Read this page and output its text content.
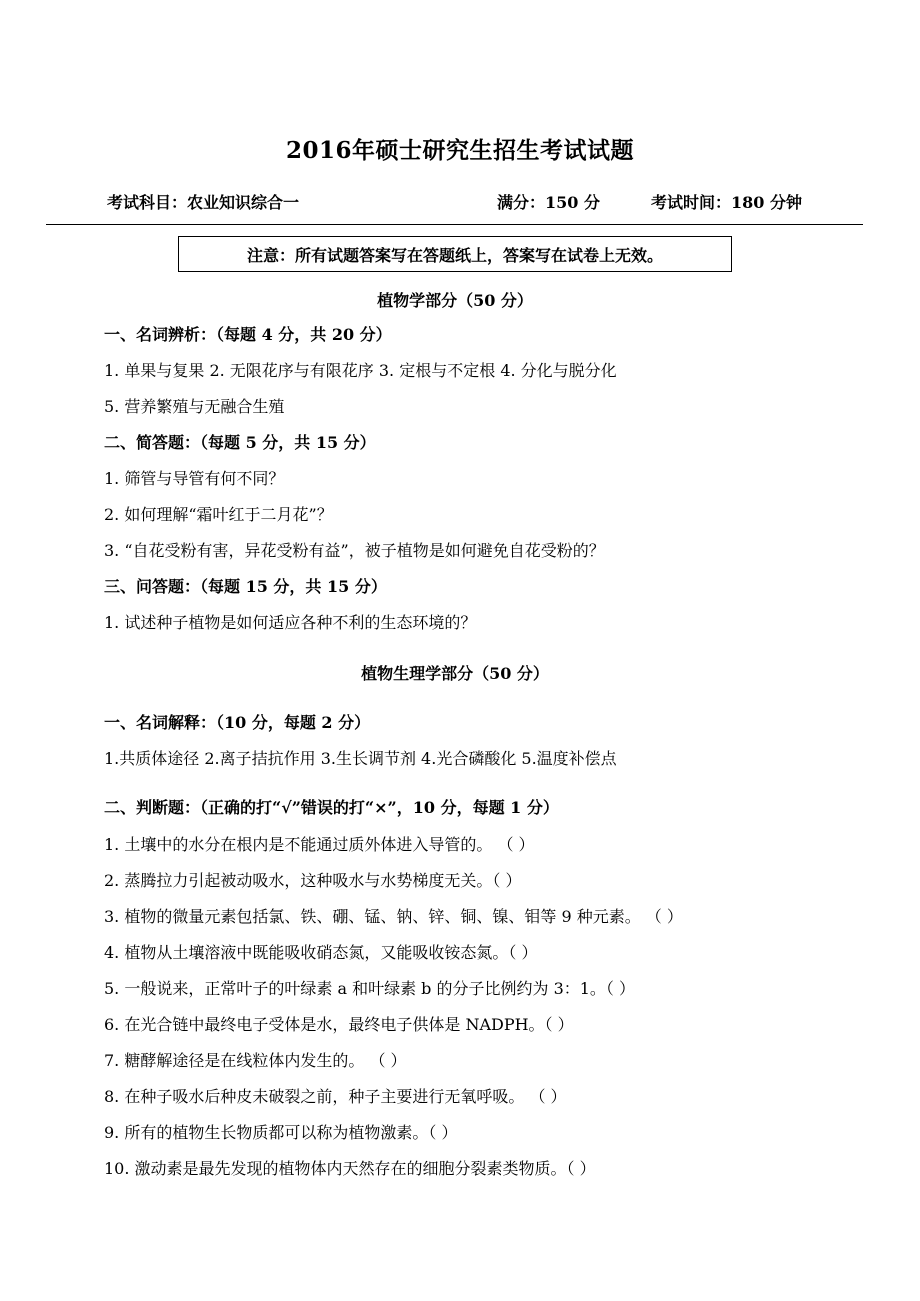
2016年硕士研究生招生考试试题
考试科目：农业知识综合一	满分：150 分	考试时间：180 分钟
注意：所有试题答案写在答题纸上，答案写在试卷上无效。
植物学部分（50 分）
一、名词辨析：（每题 4 分，共 20 分）
1. 单果与复果 2. 无限花序与有限花序 3. 定根与不定根 4. 分化与脱分化
5. 营养繁殖与无融合生殖
二、简答题：（每题 5 分，共 15 分）
1. 筛管与导管有何不同？
2. 如何理解“霜叶红于二月花”？
3. “自花受粉有害，异花受粉有益”，被子植物是如何避免自花受粉的？
三、问答题：（每题 15 分，共 15 分）
1. 试述种子植物是如何适应各种不利的生态环境的？
植物生理学部分（50 分）
一、名词解释：（10 分，每题 2 分）
1.共质体途径 2.离子拮抗作用 3.生长调节剂 4.光合磷酸化 5.温度补偿点
二、判断题：（正确的打“√”错误的打“×”，10 分，每题 1 分）
1. 土壤中的水分在根内是不能通过质外体进入导管的。 （ ）
2. 蒸腾拉力引起被动吸水，这种吸水与水势梯度无关。（ ）
3. 植物的微量元素包括氯、铁、硼、锰、钠、锌、铜、镍、钼等 9 种元素。 （ ）
4. 植物从土壤溶液中既能吸收硝态氮，又能吸收铵态氮。（ ）
5. 一般说来，正常叶子的叶绿素 a 和叶绿素 b 的分子比例约为 3：1。（ ）
6. 在光合链中最终电子受体是水，最终电子供体是 NADPH。（ ）
7. 糖酵解途径是在线粒体内发生的。 （ ）
8. 在种子吸水后种皮未破裂之前，种子主要进行无氧呼吸。 （ ）
9. 所有的植物生长物质都可以称为植物激素。（ ）
10. 激动素是最先发现的植物体内天然存在的细胞分裂素类物质。（ ）
